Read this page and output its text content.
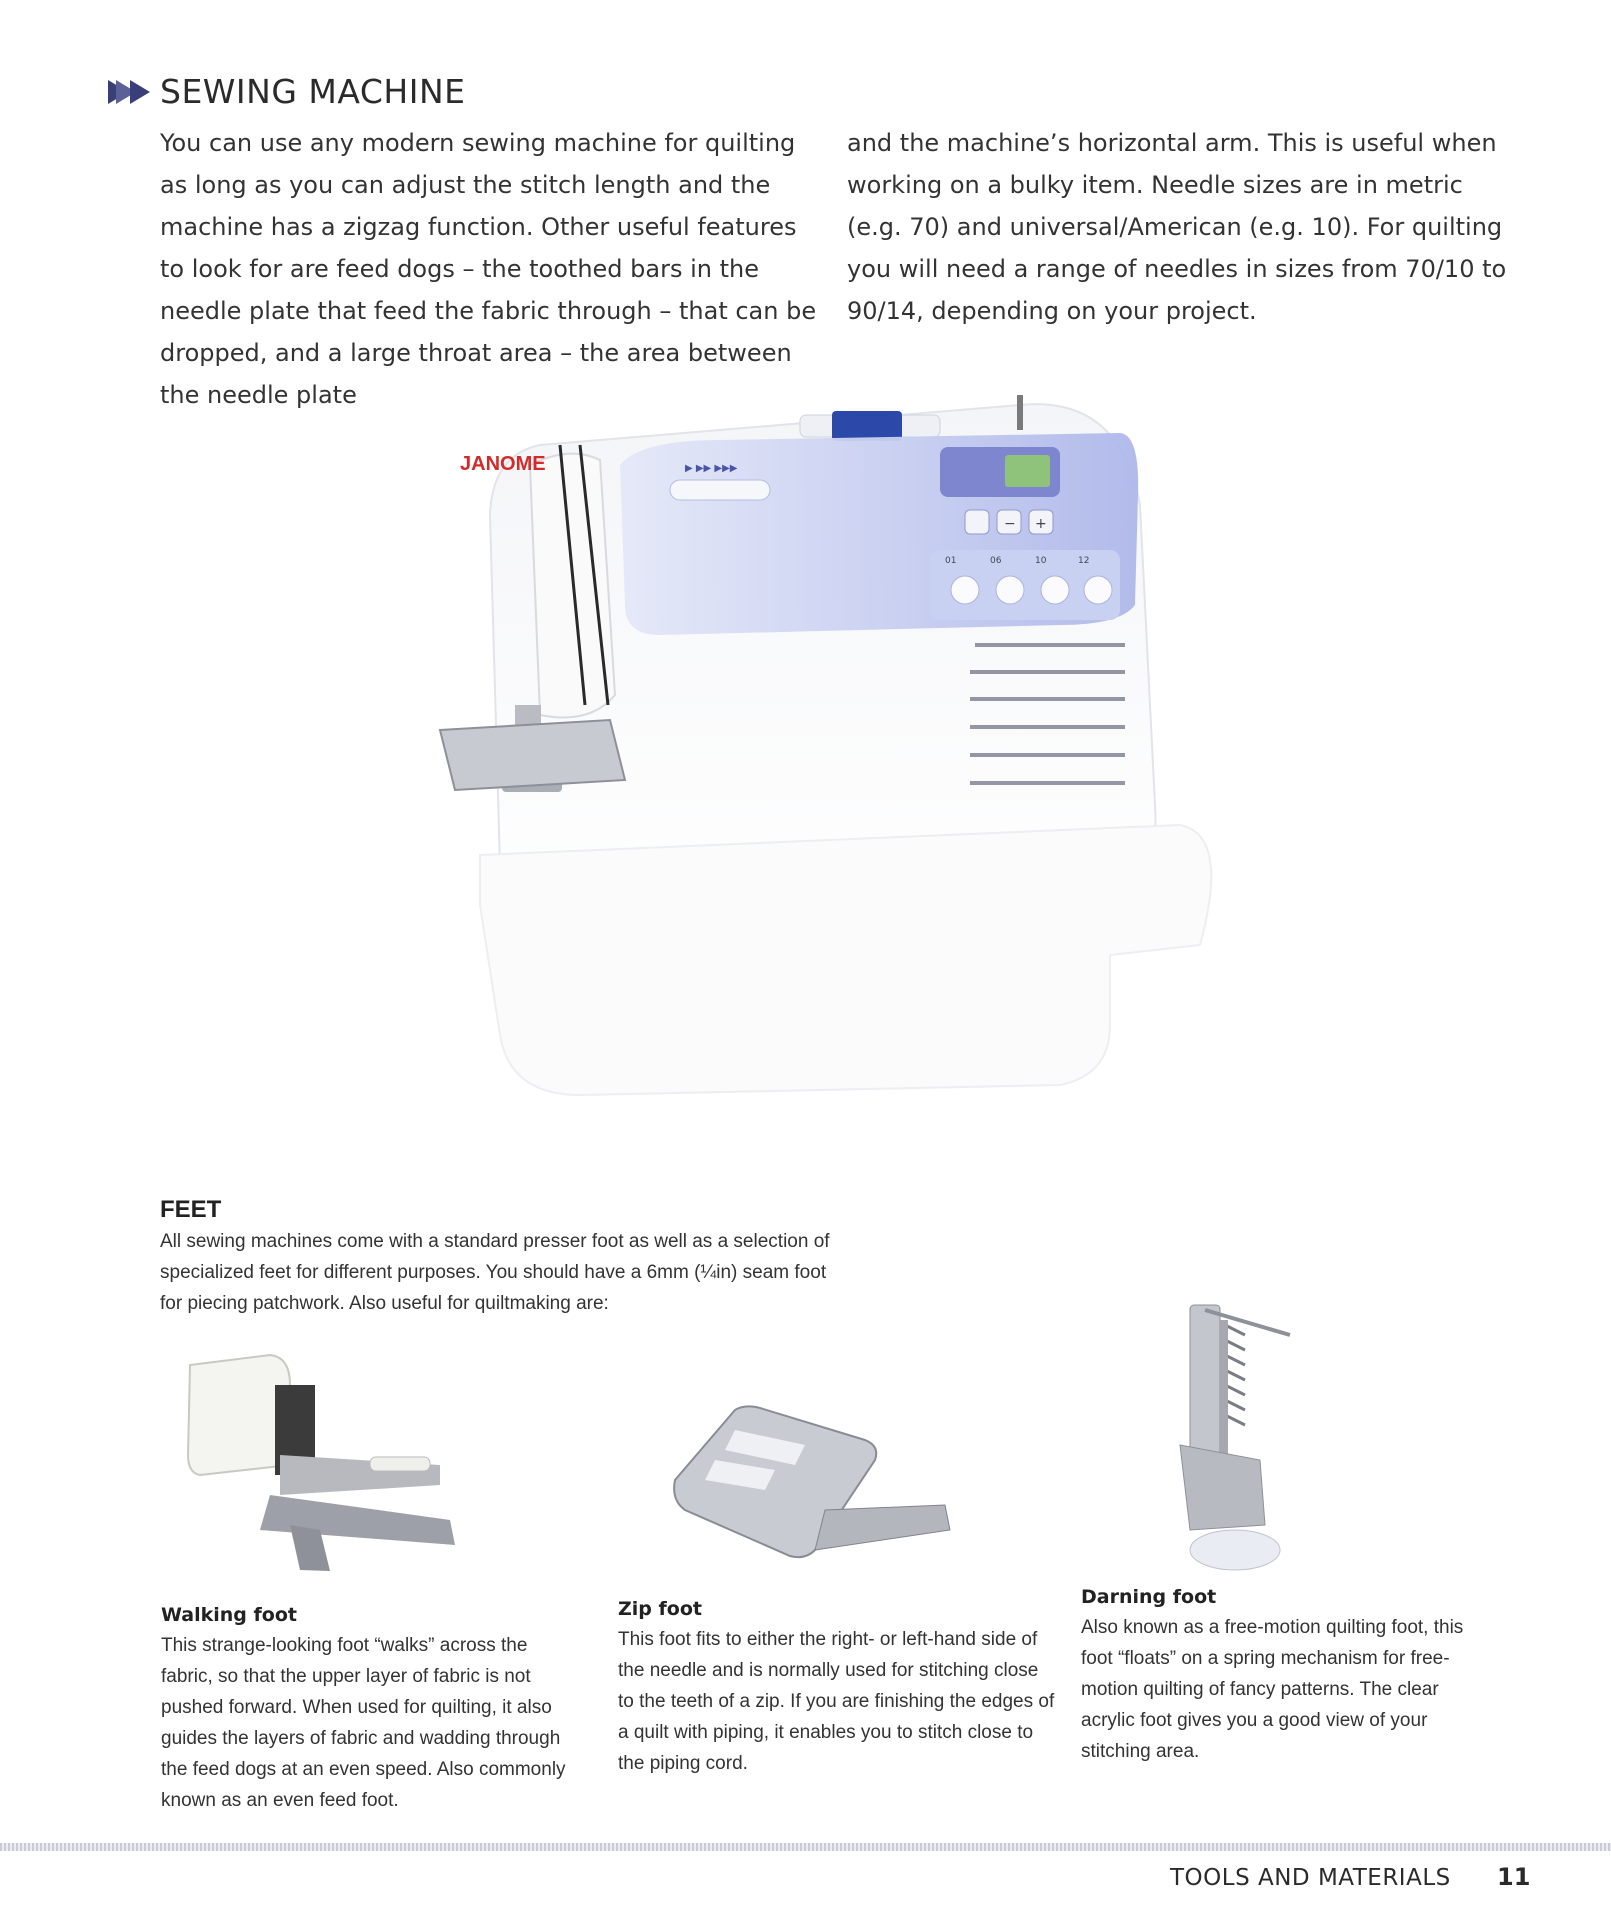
SEWING MACHINE

You can use any modern sewing machine for quilting as long as you can adjust the stitch length and the machine has a zigzag function. Other useful features to look for are feed dogs – the toothed bars in the needle plate that feed the fabric through – that can be dropped, and a large throat area – the area between the needle plate

and the machine’s horizontal arm. This is useful when working on a bulky item. Needle sizes are in metric (e.g. 70) and universal/American (e.g. 10). For quilting you will need a range of needles in sizes from 70/10 to 90/14, depending on your project.

JANOME	▶ ▶▶ ▶▶▶
− +
01	06	10	12
FEET

All sewing machines come with a standard presser foot as well as a selection of specialized feet for different purposes. You should have a 6mm (¼in) seam foot for piecing patchwork. Also useful for quiltmaking are:

Walking foot

This strange-looking foot “walks” across the fabric, so that the upper layer of fabric is not pushed forward. When used for quilting, it also guides the layers of fabric and wadding through the feed dogs at an even speed. Also commonly known as an even feed foot.

Zip foot

This foot fits to either the right- or left-hand side of the needle and is normally used for stitching close to the teeth of a zip. If you are finishing the edges of a quilt with piping, it enables you to stitch close to the piping cord.

Darning foot

Also known as a free-motion quilting foot, this foot “floats” on a spring mechanism for free-motion quilting of fancy patterns. The clear acrylic foot gives you a good view of your stitching area.

TOOLS AND MATERIALS 11
